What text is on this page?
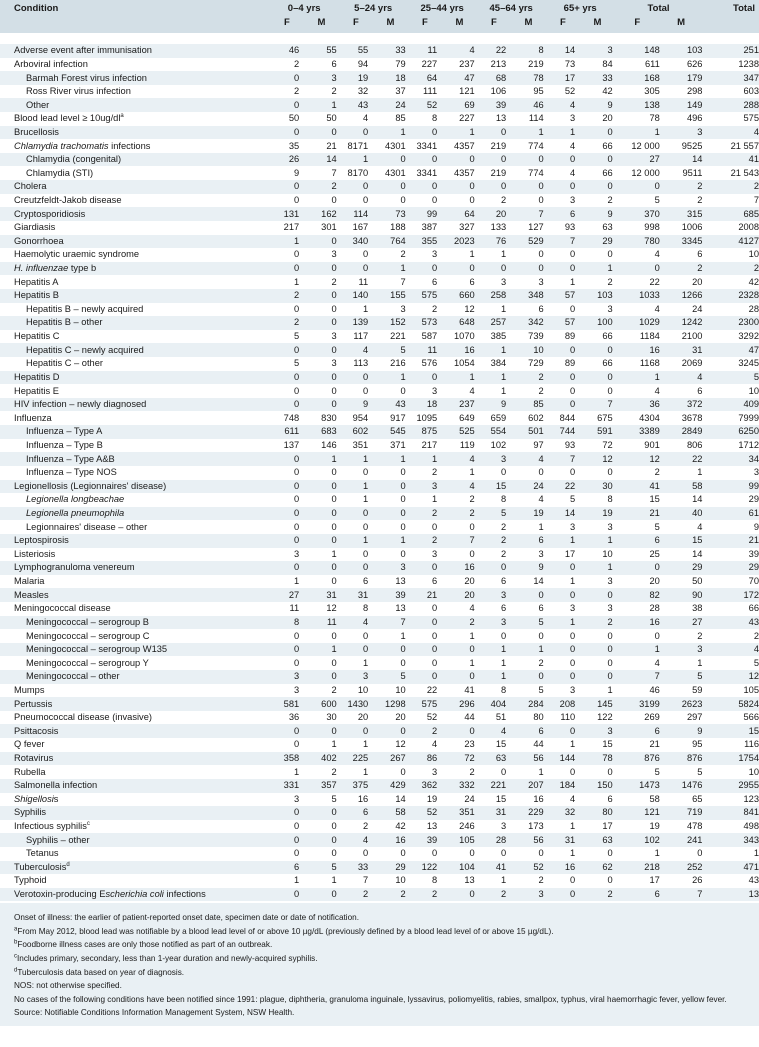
Condition	0–4 yrs		5–24 yrs		25–44 yrs		45–64 yrs		65+ yrs		Total		Total
	F	M	F	M	F	M	F	M	F	M	F	M	

Adverse event after immunisation	46	55	55	33	11	4	22	8	14	3	148	103	251
Arboviral infection	2	6	94	79	227	237	213	219	73	84	611	626	1238
Barmah Forest virus infection	0	3	19	18	64	47	68	78	17	33	168	179	347
Ross River virus infection	2	2	32	37	111	121	106	95	52	42	305	298	603
Other	0	1	43	24	52	69	39	46	4	9	138	149	288
Blood lead level ≥ $10ug/dl^a$	50	50	4	85	8	227	13	114	3	20	78	496	575
Brucellosis	0	0	0	1	0	1	0	1	1	0	1	3	4
Chlamydia trachomatis infections	35	21	8171	4301	3341	4357	219	774	4	66	12 000	9525	21 557
Chlamydia (congenital)	26	14	1	0	0	0	0	0	0	0	27	14	41
Chlamydia (STI)	9	7	8170	4301	3341	4357	219	774	4	66	12 000	9511	21 543
Cholera	0	2	0	0	0	0	0	0	0	0	0	2	2
Creutzfeldt-Jakob disease	0	0	0	0	0	0	2	0	3	2	5	2	7
Cryptosporidiosis	131	162	114	73	99	64	20	7	6	9	370	315	685
Giardiasis	217	301	167	188	387	327	133	127	93	63	998	1006	2008
Gonorrhoea	1	0	340	764	355	2023	76	529	7	29	780	3345	4127
Haemolytic uraemic syndrome	0	3	0	2	3	1	1	0	0	0	4	6	10
H. influenzae type b	0	0	0	1	0	0	0	0	0	1	0	2	2
Hepatitis A	1	2	11	7	6	6	3	3	1	2	22	20	42
Hepatitis B	2	0	140	155	575	660	258	348	57	103	1033	1266	2328
Hepatitis B – newly acquired	0	0	1	3	2	12	1	6	0	3	4	24	28
Hepatitis B – other	2	0	139	152	573	648	257	342	57	100	1029	1242	2300
Hepatitis C	5	3	117	221	587	1070	385	739	89	66	1184	2100	3292
Hepatitis C – newly acquired	0	0	4	5	11	16	1	10	0	0	16	31	47
Hepatitis C – other	5	3	113	216	576	1054	384	729	89	66	1168	2069	3245
Hepatitis D	0	0	0	1	0	1	1	2	0	0	1	4	5
Hepatitis E	0	0	0	0	3	4	1	2	0	0	4	6	10
HIV infection – newly diagnosed	0	0	9	43	18	237	9	85	0	7	36	372	409
Influenza	748	830	954	917	1095	649	659	602	844	675	4304	3678	7999
Influenza – Type A	611	683	602	545	875	525	554	501	744	591	3389	2849	6250
Influenza – Type B	137	146	351	371	217	119	102	97	93	72	901	806	1712
Influenza – Type A&B	0	1	1	1	1	4	3	4	7	12	12	22	34
Influenza – Type NOS	0	0	0	0	2	1	0	0	0	0	2	1	3
Legionellosis (Legionnaires' disease)	0	0	1	0	3	4	15	24	22	30	41	58	99
Legionella longbeachae	0	0	1	0	1	2	8	4	5	8	15	14	29
Legionella pneumophila	0	0	0	0	2	2	5	19	14	19	21	40	61
Legionnaires' disease – other	0	0	0	0	0	0	2	1	3	3	5	4	9
Leptospirosis	0	0	1	1	2	7	2	6	1	1	6	15	21
Listeriosis	3	1	0	0	3	0	2	3	17	10	25	14	39
Lymphogranuloma venereum	0	0	0	3	0	16	0	9	0	1	0	29	29
Malaria	1	0	6	13	6	20	6	14	1	3	20	50	70
Measles	27	31	31	39	21	20	3	0	0	0	82	90	172
Meningococcal disease	11	12	8	13	0	4	6	6	3	3	28	38	66
Meningococcal – serogroup B	8	11	4	7	0	2	3	5	1	2	16	27	43
Meningococcal – serogroup C	0	0	0	1	0	1	0	0	0	0	0	2	2
Meningococcal – serogroup W135	0	1	0	0	0	0	1	1	0	0	1	3	4
Meningococcal – serogroup Y	0	0	1	0	0	1	1	2	0	0	4	1	5
Meningococcal – other	3	0	3	5	0	0	1	0	0	0	7	5	12
Mumps	3	2	10	10	22	41	8	5	3	1	46	59	105
Pertussis	581	600	1430	1298	575	296	404	284	208	145	3199	2623	5824
Pneumococcal disease (invasive)	36	30	20	20	52	44	51	80	110	122	269	297	566
Psittacosis	0	0	0	0	2	0	4	6	0	3	6	9	15
Q fever	0	1	1	12	4	23	15	44	1	15	21	95	116
Rotavirus	358	402	225	267	86	72	63	56	144	78	876	876	1754
Rubella	1	2	1	0	3	2	0	1	0	0	5	5	10
Salmonella infection	331	357	375	429	362	332	221	207	184	150	1473	1476	2955
Shigellosis	3	5	16	14	19	24	15	16	4	6	58	65	123
Syphilis	0	0	6	58	52	351	31	229	32	80	121	719	841
Infectious syphilis$^c$	0	0	2	42	13	246	3	173	1	17	19	478	498
Syphilis – other	0	0	4	16	39	105	28	56	31	63	102	241	343
Tetanus	0	0	0	0	0	0	0	0	1	0	1	0	1
Tuberculosis$^d$	6	5	33	29	122	104	41	52	16	62	218	252	471
Typhoid	1	1	7	10	8	13	1	2	0	0	17	26	43
Verotoxin-producing Escherichia coli infections	0	0	2	2	2	0	2	3	0	2	6	7	13

Onset of illness: the earlier of patient-reported onset date, specimen date or date of notification.

$^a$From May 2012, blood lead was notifiable by a blood lead level of or above 10 µg/dL (previously defined by a blood lead level of or above 15 µg/dL).

$^b$Foodborne illness cases are only those notified as part of an outbreak.

$^c$Includes primary, secondary, less than 1-year duration and newly-acquired syphilis.

$^d$Tuberculosis data based on year of diagnosis.

NOS: not otherwise specified.

No cases of the following conditions have been notified since 1991: plague, diphtheria, granuloma inguinale, lyssavirus, poliomyelitis, rabies, smallpox, typhus, viral haemorrhagic fever, yellow fever.

Source: Notifiable Conditions Information Management System, NSW Health.
